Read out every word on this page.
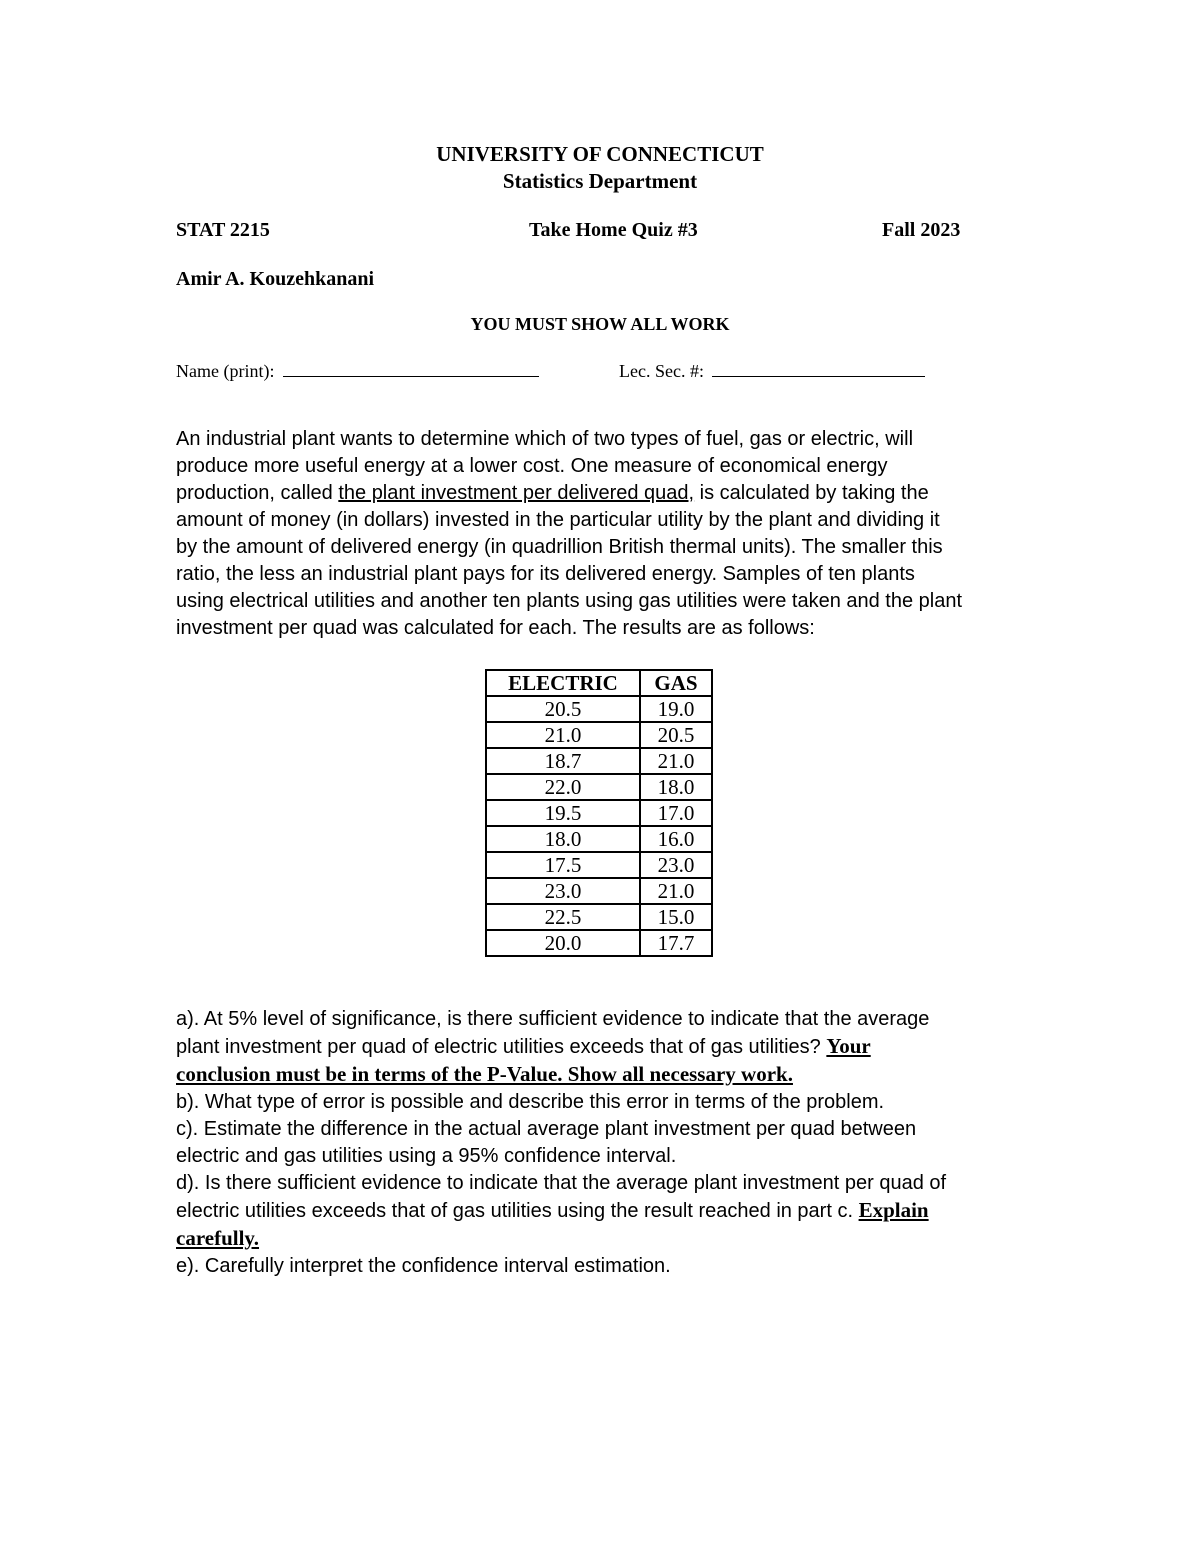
UNIVERSITY OF CONNECTICUT
Statistics Department
STAT 2215	Take Home Quiz #3	Fall 2023
Amir A. Kouzehkanani
YOU MUST SHOW ALL WORK
Name (print):	Lec. Sec. #:
An industrial plant wants to determine which of two types of fuel, gas or electric, will
produce more useful energy at a lower cost. One measure of economical energy
production, called the plant investment per delivered quad, is calculated by taking the
amount of money (in dollars) invested in the particular utility by the plant and dividing it
by the amount of delivered energy (in quadrillion British thermal units). The smaller this
ratio, the less an industrial plant pays for its delivered energy. Samples of ten plants
using electrical utilities and another ten plants using gas utilities were taken and the plant
investment per quad was calculated for each. The results are as follows:
ELECTRIC	GAS
20.5	19.0
21.0	20.5
18.7	21.0
22.0	18.0
19.5	17.0
18.0	16.0
17.5	23.0
23.0	21.0
22.5	15.0
20.0	17.7
a). At 5% level of significance, is there sufficient evidence to indicate that the average
plant investment per quad of electric utilities exceeds that of gas utilities? Your
conclusion must be in terms of the P-Value. Show all necessary work.
b). What type of error is possible and describe this error in terms of the problem.
c). Estimate the difference in the actual average plant investment per quad between
electric and gas utilities using a 95% confidence interval.
d). Is there sufficient evidence to indicate that the average plant investment per quad of
electric utilities exceeds that of gas utilities using the result reached in part c. Explain
carefully.
e). Carefully interpret the confidence interval estimation.
